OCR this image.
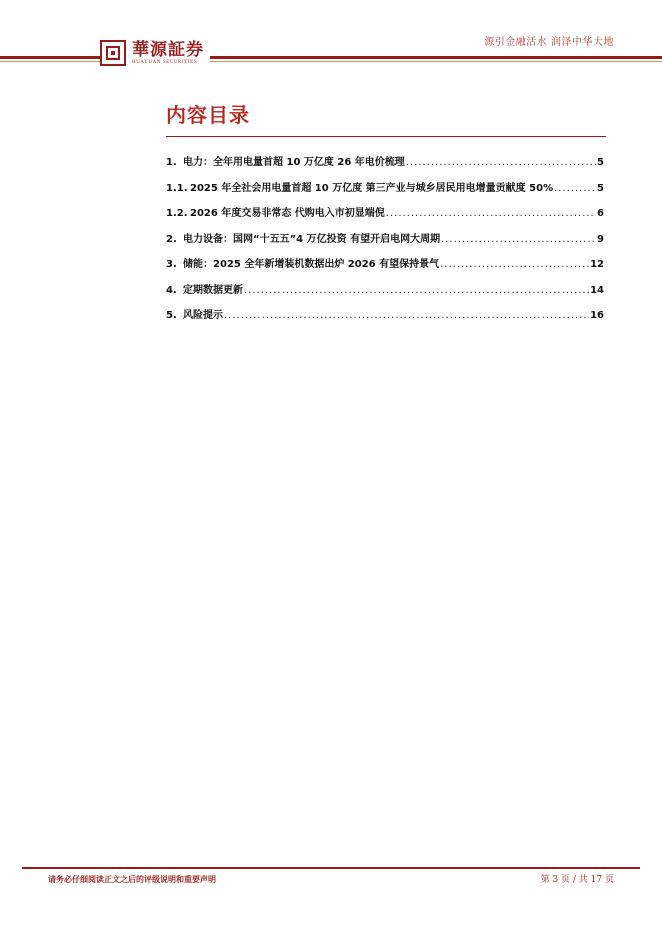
華源証券
HUAYUAN SECURITIES
源引金融活水 润泽中华大地
内容目录
1. 电力：全年用电量首超 10 万亿度 26 年电价梳理 .....	5
1.1. 2025 年全社会用电量首超 10 万亿度 第三产业与城乡居民用电增量贡献度 50% .....	5
1.2. 2026 年度交易非常态 代购电入市初显端倪 .....	6
2. 电力设备：国网“十五五”4 万亿投资 有望开启电网大周期 .....	9
3. 储能：2025 全年新增装机数据出炉 2026 有望保持景气 .....	12
4. 定期数据更新 .....	14
5. 风险提示 .....	16
请务必仔细阅读正文之后的评级说明和重要声明	第 3 页 / 共 17 页
